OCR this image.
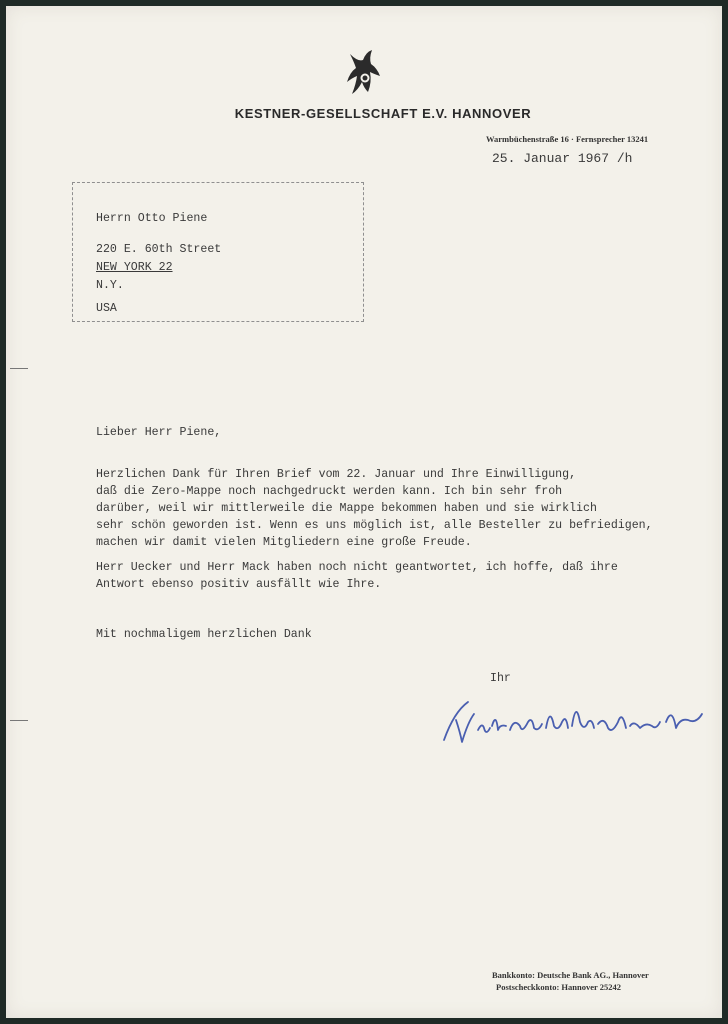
KESTNER-GESELLSCHAFT E.V. HANNOVER
Warmbüchenstraße 16 · Fernsprecher 13241
25. Januar 1967 /h
Herrn Otto Piene
220 E. 60th Street
NEW YORK 22
N.Y.
USA
Lieber Herr Piene,
Herzlichen Dank für Ihren Brief vom 22. Januar und Ihre Einwilligung,
daß die Zero-Mappe noch nachgedruckt werden kann. Ich bin sehr froh
darüber, weil wir mittlerweile die Mappe bekommen haben und sie wirklich
sehr schön geworden ist. Wenn es uns möglich ist, alle Besteller zu befriedigen,
machen wir damit vielen Mitgliedern eine große Freude.
Herr Uecker und Herr Mack haben noch nicht geantwortet, ich hoffe, daß ihre
Antwort ebenso positiv ausfällt wie Ihre.
Mit nochmaligem herzlichen Dank
Ihr
Bankkonto: Deutsche Bank AG., Hannover
Postscheckkonto: Hannover 25242
